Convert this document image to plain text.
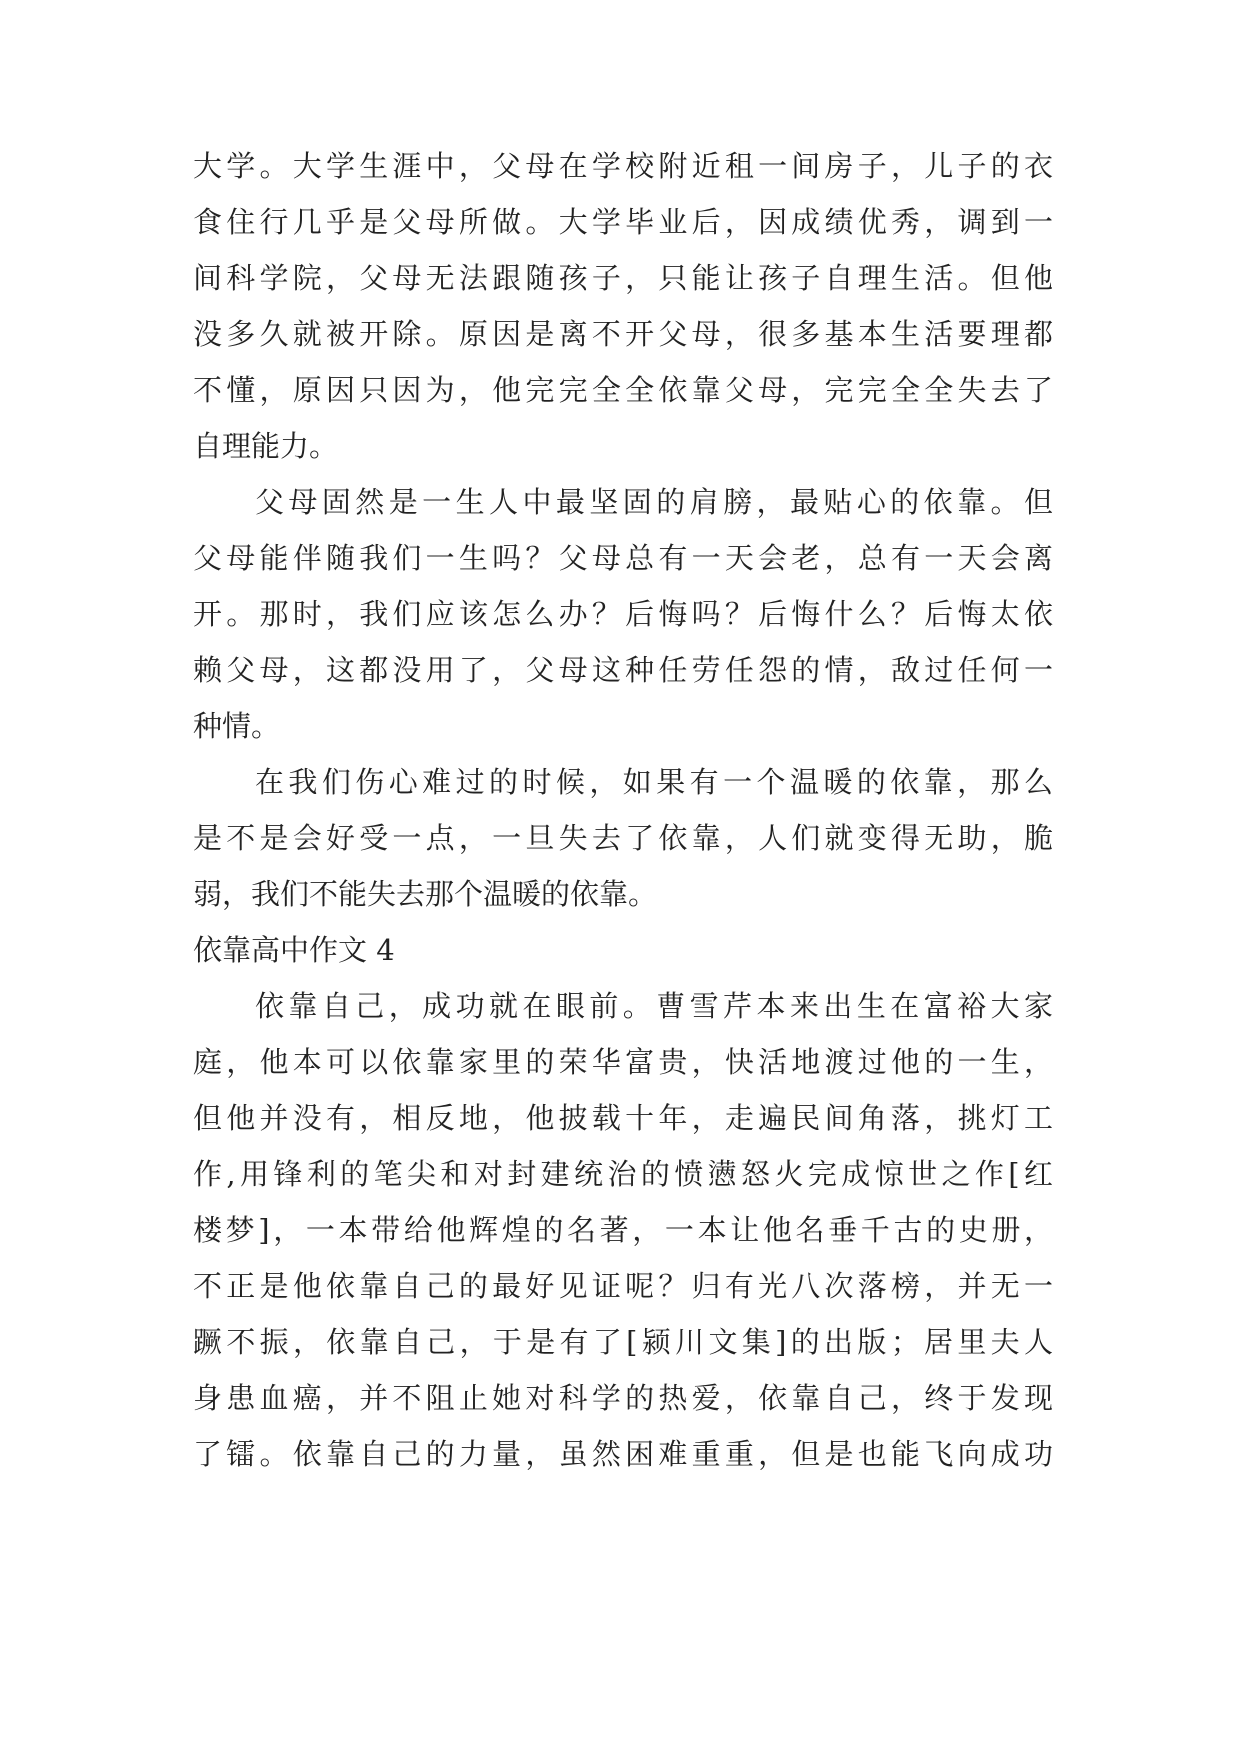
大学。大学生涯中，父母在学校附近租一间房子，儿子的衣
食住行几乎是父母所做。大学毕业后，因成绩优秀，调到一
间科学院，父母无法跟随孩子，只能让孩子自理生活。但他
没多久就被开除。原因是离不开父母，很多基本生活要理都
不懂，原因只因为，他完完全全依靠父母，完完全全失去了
自理能力。
父母固然是一生人中最坚固的肩膀，最贴心的依靠。但
父母能伴随我们一生吗？父母总有一天会老，总有一天会离
开。那时，我们应该怎么办？后悔吗？后悔什么？后悔太依
赖父母，这都没用了，父母这种任劳任怨的情，敌过任何一
种情。
在我们伤心难过的时候，如果有一个温暖的依靠，那么
是不是会好受一点，一旦失去了依靠，人们就变得无助，脆
弱，我们不能失去那个温暖的依靠。
依靠高中作文 4
依靠自己，成功就在眼前。曹雪芹本来出生在富裕大家
庭，他本可以依靠家里的荣华富贵，快活地渡过他的一生，
但他并没有，相反地，他披载十年，走遍民间角落，挑灯工
作,用锋利的笔尖和对封建统治的愤懑怒火完成惊世之作[红
楼梦]，一本带给他辉煌的名著，一本让他名垂千古的史册，
不正是他依靠自己的最好见证呢？归有光八次落榜，并无一
蹶不振，依靠自己，于是有了[颍川文集]的出版；居里夫人
身患血癌，并不阻止她对科学的热爱，依靠自己，终于发现
了镭。依靠自己的力量，虽然困难重重，但是也能飞向成功
